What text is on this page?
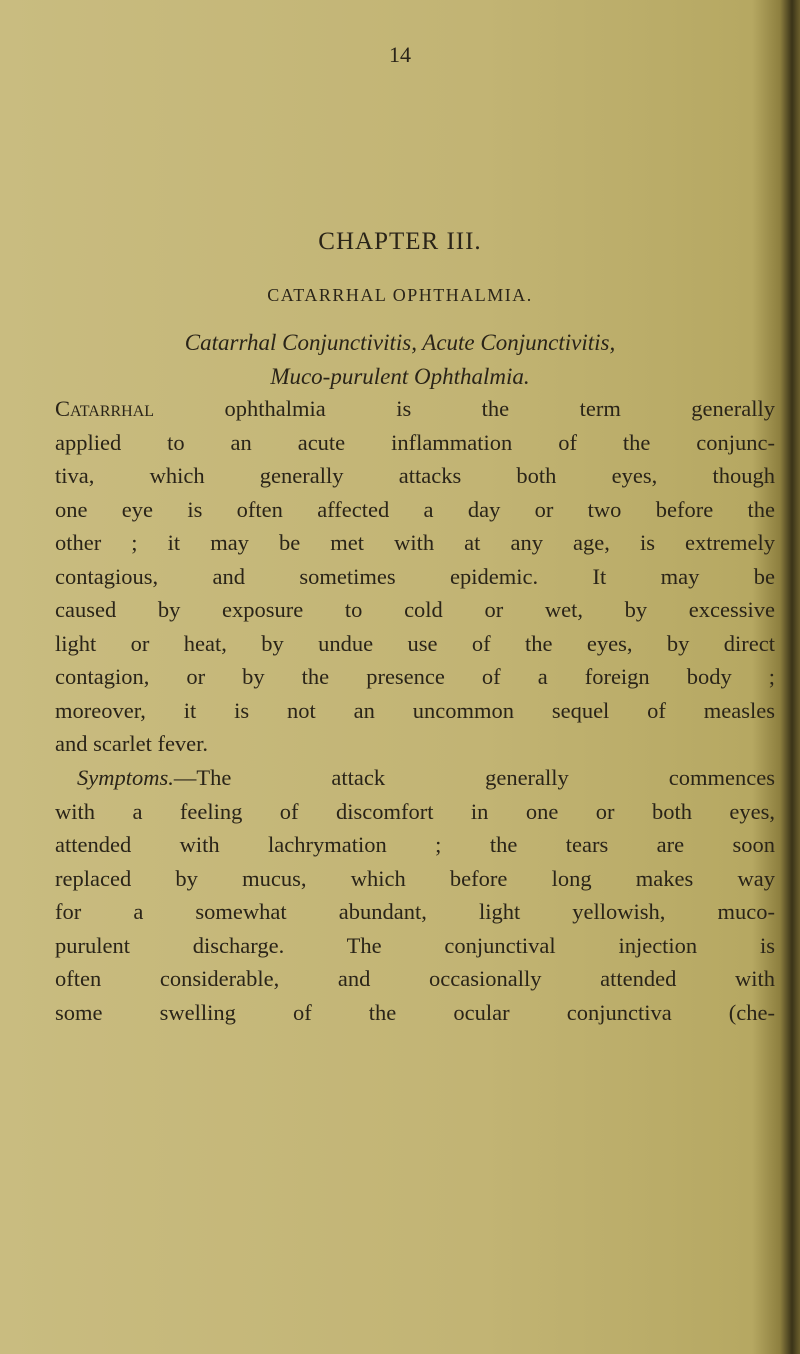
14
CHAPTER III.
CATARRHAL OPHTHALMIA.
Catarrhal Conjunctivitis, Acute Conjunctivitis,
Muco-purulent Ophthalmia.
Catarrhal ophthalmia is the term generally
applied to an acute inflammation of the conjunc-
tiva, which generally attacks both eyes, though
one eye is often affected a day or two before the
other ; it may be met with at any age, is extremely
contagious, and sometimes epidemic. It may be
caused by exposure to cold or wet, by excessive
light or heat, by undue use of the eyes, by direct
contagion, or by the presence of a foreign body ;
moreover, it is not an uncommon sequel of measles
and scarlet fever.
Symptoms.—The attack generally commences
with a feeling of discomfort in one or both eyes,
attended with lachrymation ; the tears are soon
replaced by mucus, which before long makes way
for a somewhat abundant, light yellowish, muco-
purulent discharge. The conjunctival injection is
often considerable, and occasionally attended with
some swelling of the ocular conjunctiva (che-
